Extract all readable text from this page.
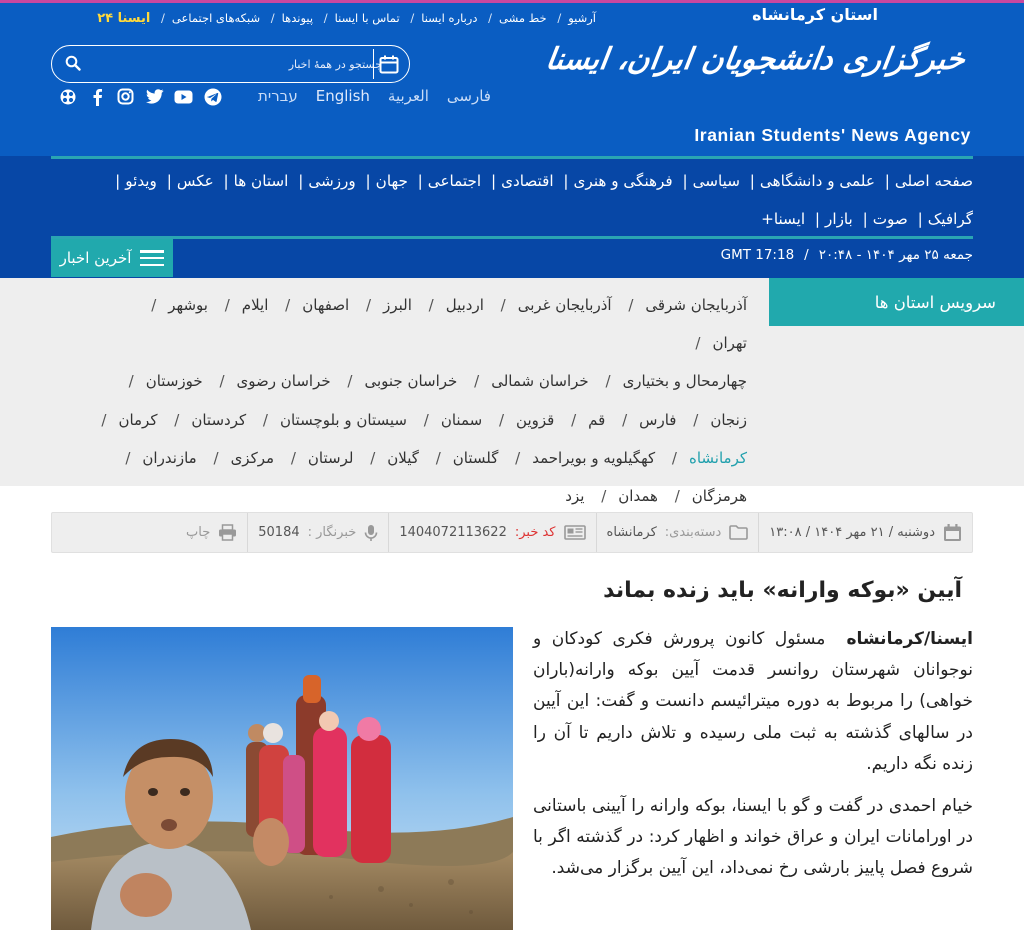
استان کرمانشاه
آرشیو/ خط مشی/ درباره ایسنا/ تماس با ایسنا/ پیوندها/ شبکه‌های اجتماعی/ ایسنا ۲۴
جستجو در همهٔ اخبار
עברית English العربية فارسی
خبرگزاری دانشجویان ایران، ایسنا
Iranian Students' News Agency
صفحه اصلی| علمی و دانشگاهی| سیاسی| فرهنگی و هنری| اقتصادی| اجتماعی| جهان| ورزشی| استان ها| عکس| ویدئو| گرافیک| صوت| بازار| ایسنا+
جمعه ۲۵ مهر ۱۴۰۴ - ۲۰:۴۸/GMT 17:18
آخرین اخبار
سرویس استان ها
آذربایجان شرقی/ آذربایجان غربی/ اردبیل/ البرز/ اصفهان/ ایلام/ بوشهر/ تهران/
چهارمحال و بختیاری/ خراسان شمالی/ خراسان جنوبی/ خراسان رضوی/ خوزستان/
زنجان/ فارس/ قم/ قزوین/ سمنان/ سیستان و بلوچستان/ کردستان/ کرمان/
کرمانشاه/ کهگیلویه و بویراحمد/ گلستان/ گیلان/ لرستان/ مرکزی/ مازندران/
هرمزگان/ همدان/ یزد
دوشنبه / ۲۱ مهر ۱۴۰۴ / ۱۳:۰۸
دسته‌بندی:
کرمانشاه
کد خبر:
1404072113622
خبرنگار :
50184
چاپ
آیین «بوکه وارانه» باید زنده بماند

ایسنا/کرمانشاه  مسئول کانون پرورش فکری کودکان و نوجوانان شهرستان روانسر قدمت آیین بوکه وارانه(باران خواهی) را مربوط به دوره میترائیسم دانست و گفت: این آیین در سالهای گذشته به ثبت ملی رسیده و تلاش داریم تا آن را زنده نگه داریم.

خیام احمدی در گفت و گو با ایسنا، بوکه وارانه را آیینی باستانی در اورامانات ایران و عراق خواند و اظهار کرد: در گذشته اگر با شروع فصل پاییز بارشی رخ نمی‌داد، این آیین برگزار می‌شد.
